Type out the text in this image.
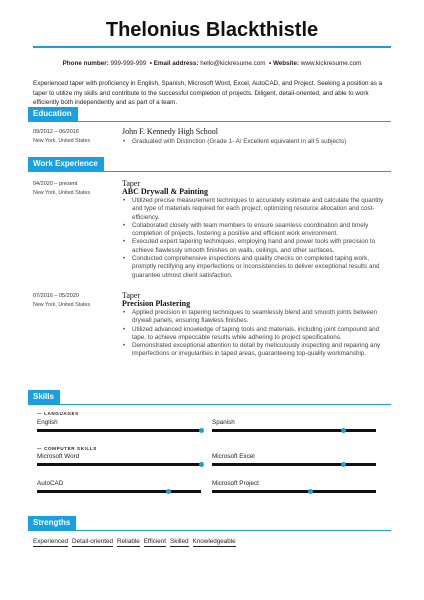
Thelonius Blackthistle
Phone number: 999-999-999  • Email address: hello@kickresume.com  • Website: www.kickresume.com
Experienced taper with proficiency in English, Spanish, Microsoft Word, Excel, AutoCAD, and Project. Seeking a position as a taper to utilize my skills and contribute to the successful completion of projects. Diligent, detail-oriented, and able to work efficiently both independently and as part of a team.
Education
09/2012 – 06/2016
New York, United States
John F. Kennedy High School
• Graduated with Distinction (Grade 1- A/ Excellent equivalent in all 5 subjects)
Work Experience
04/2020 – present
New York, United States
Taper
ABC Drywall & Painting
• Utilized precise measurement techniques to accurately estimate and calculate the quantity and type of materials required for each project, optimizing resource allocation and cost-efficiency.
• Collaborated closely with team members to ensure seamless coordination and timely completion of projects, fostering a positive and efficient work environment.
• Executed expert tapering techniques, employing hand and power tools with precision to achieve flawlessly smooth finishes on walls, ceilings, and other surfaces.
• Conducted comprehensive inspections and quality checks on completed taping work, promptly rectifying any imperfections or inconsistencies to deliver exceptional results and guarantee utmost client satisfaction.
07/2016 – 05/2020
New York, United States
Taper
Precision Plastering
• Applied precision in tapering techniques to seamlessly blend and smooth joints between drywall panels, ensuring flawless finishes.
• Utilized advanced knowledge of taping tools and materials, including joint compound and tape, to achieve impeccable results while adhering to project specifications.
• Demonstrated exceptional attention to detail by meticulously inspecting and repairing any imperfections or irregularities in taped areas, guaranteeing top-quality workmanship.
Skills
— LANGUAGES
English	Spanish
— COMPUTER SKILLS
Microsoft Word	Microsoft Excel
AutoCAD	Microsoft Project
Strengths
Experienced Detail-oriented Reliable Efficient Skilled Knowledgeable
